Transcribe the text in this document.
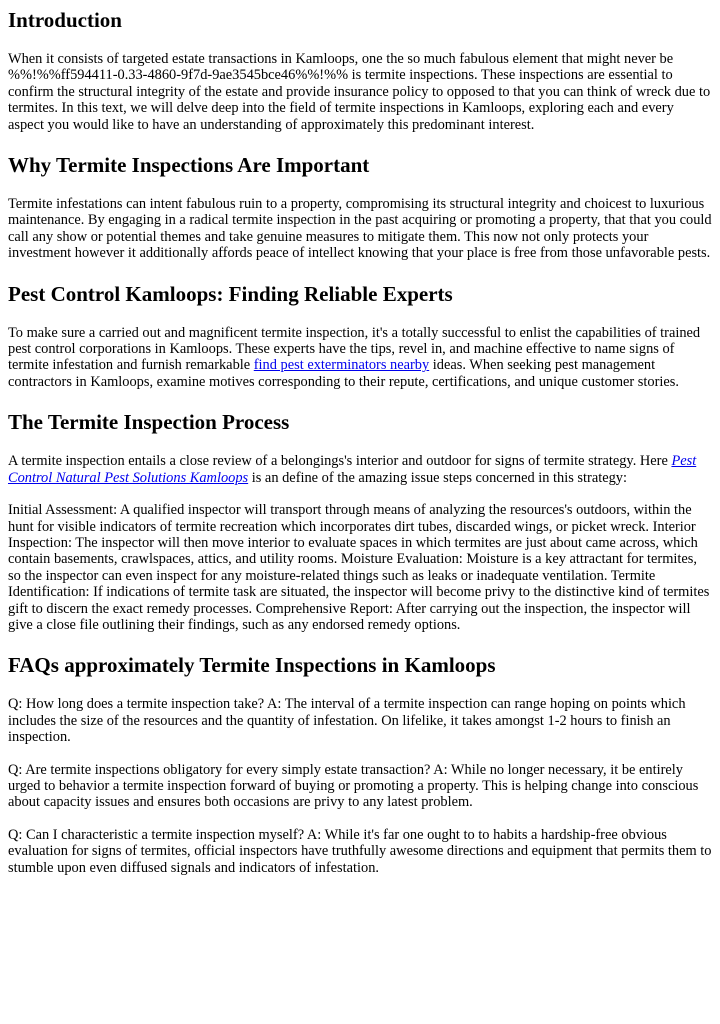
Introduction

When it consists of targeted estate transactions in Kamloops, one the so much fabulous element that might never be %%!%%ff594411-0.33-4860-9f7d-9ae3545bce46%%!%% is termite inspections. These inspections are essential to confirm the structural integrity of the estate and provide insurance policy to opposed to that you can think of wreck due to termites. In this text, we will delve deep into the field of termite inspections in Kamloops, exploring each and every aspect you would like to have an understanding of approximately this predominant interest.

Why Termite Inspections Are Important

Termite infestations can intent fabulous ruin to a property, compromising its structural integrity and choicest to luxurious maintenance. By engaging in a radical termite inspection in the past acquiring or promoting a property, that that you could call any show or potential themes and take genuine measures to mitigate them. This now not only protects your investment however it additionally affords peace of intellect knowing that your place is free from those unfavorable pests.

Pest Control Kamloops: Finding Reliable Experts

To make sure a carried out and magnificent termite inspection, it's a totally successful to enlist the capabilities of trained pest control corporations in Kamloops. These experts have the tips, revel in, and machine effective to name signs of termite infestation and furnish remarkable find pest exterminators nearby ideas. When seeking pest management contractors in Kamloops, examine motives corresponding to their repute, certifications, and unique customer stories.

The Termite Inspection Process

A termite inspection entails a close review of a belongings's interior and outdoor for signs of termite strategy. Here Pest Control Natural Pest Solutions Kamloops is an define of the amazing issue steps concerned in this strategy:

Initial Assessment: A qualified inspector will transport through means of analyzing the resources's outdoors, within the hunt for visible indicators of termite recreation which incorporates dirt tubes, discarded wings, or picket wreck. Interior Inspection: The inspector will then move interior to evaluate spaces in which termites are just about came across, which contain basements, crawlspaces, attics, and utility rooms. Moisture Evaluation: Moisture is a key attractant for termites, so the inspector can even inspect for any moisture-related things such as leaks or inadequate ventilation. Termite Identification: If indications of termite task are situated, the inspector will become privy to the distinctive kind of termites gift to discern the exact remedy processes. Comprehensive Report: After carrying out the inspection, the inspector will give a close file outlining their findings, such as any endorsed remedy options.

FAQs approximately Termite Inspections in Kamloops

Q: How long does a termite inspection take? A: The interval of a termite inspection can range hoping on points which includes the size of the resources and the quantity of infestation. On lifelike, it takes amongst 1-2 hours to finish an inspection.

Q: Are termite inspections obligatory for every simply estate transaction? A: While no longer necessary, it be entirely urged to behavior a termite inspection forward of buying or promoting a property. This is helping change into conscious about capacity issues and ensures both occasions are privy to any latest problem.

Q: Can I characteristic a termite inspection myself? A: While it's far one ought to to habits a hardship-free obvious evaluation for signs of termites, official inspectors have truthfully awesome directions and equipment that permits them to stumble upon even diffused signals and indicators of infestation.
